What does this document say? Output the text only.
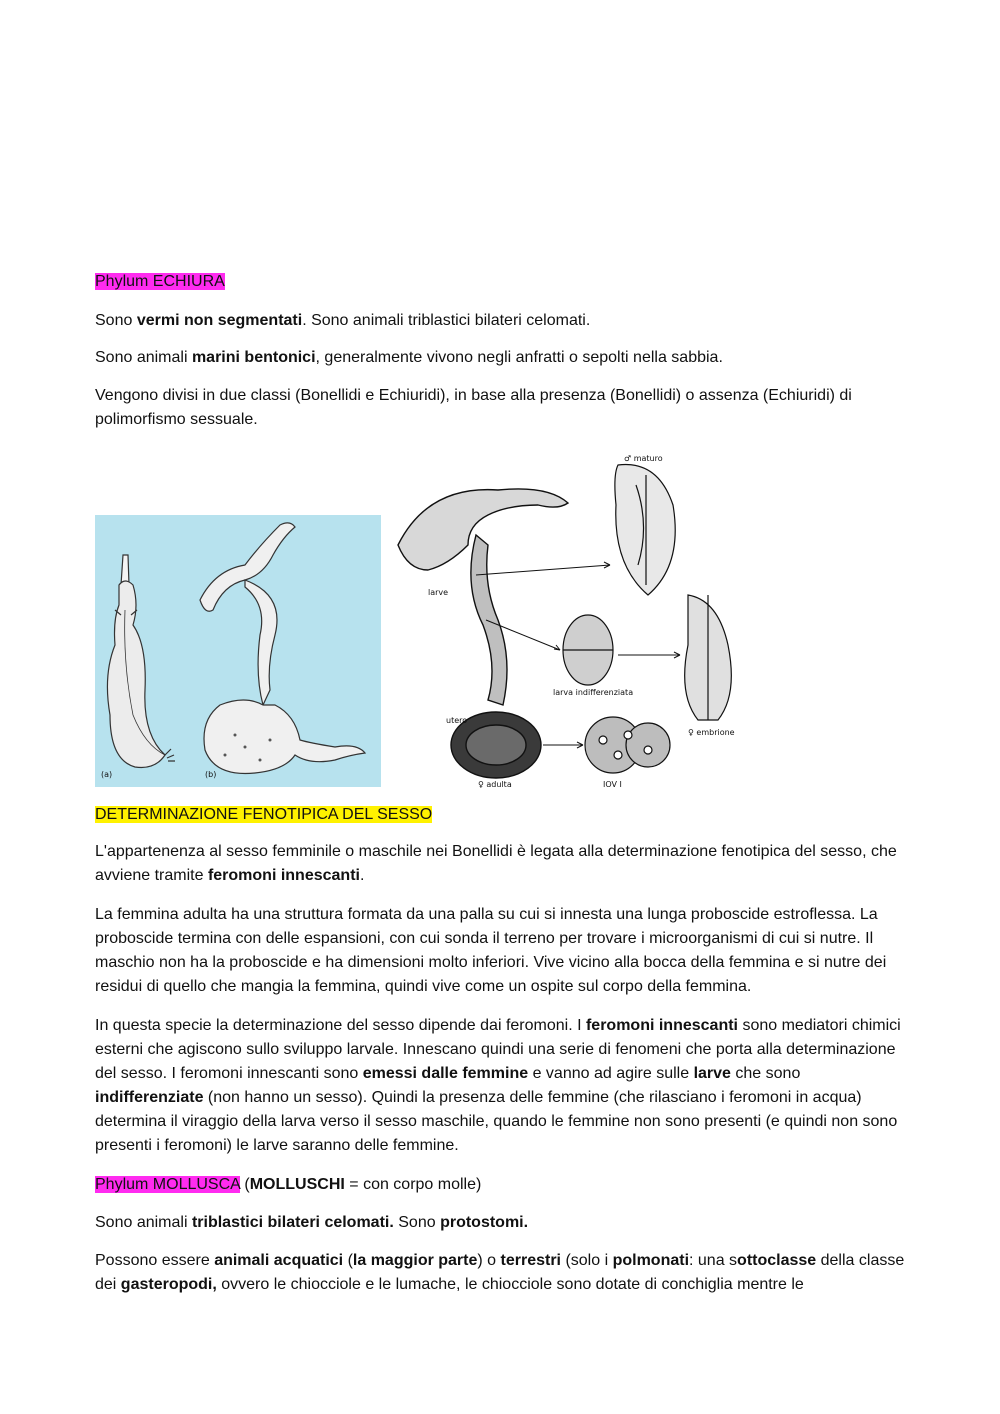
Phylum ECHIURA

Sono vermi non segmentati. Sono animali triblastici bilateri celomati.

Sono animali marini bentonici, generalmente vivono negli anfratti o sepolti nella sabbia.

Vengono divisi in due classi (Bonellidi e Echiuridi), in base alla presenza (Bonellidi) o assenza (Echiuridi) di polimorfismo sessuale.

DETERMINAZIONE FENOTIPICA DEL SESSO

L'appartenenza al sesso femminile o maschile nei Bonellidi è legata alla determinazione fenotipica del sesso, che avviene tramite feromoni innescanti.

La femmina adulta ha una struttura formata da una palla su cui si innesta una lunga proboscide estroflessa. La proboscide termina con delle espansioni, con cui sonda il terreno per trovare i microorganismi di cui si nutre. Il maschio non ha la proboscide e ha dimensioni molto inferiori. Vive vicino alla bocca della femmina e si nutre dei residui di quello che mangia la femmina, quindi vive come un ospite sul corpo della femmina.

In questa specie la determinazione del sesso dipende dai feromoni. I feromoni innescanti sono mediatori chimici esterni che agiscono sullo sviluppo larvale. Innescano quindi una serie di fenomeni che porta alla determinazione del sesso. I feromoni innescanti sono emessi dalle femmine e vanno ad agire sulle larve che sono indifferenziate (non hanno un sesso). Quindi la presenza delle femmine (che rilasciano i feromoni in acqua) determina il viraggio della larva verso il sesso maschile, quando le femmine non sono presenti (e quindi non sono presenti i feromoni) le larve saranno delle femmine.

Phylum MOLLUSCA (MOLLUSCHI = con corpo molle)

Sono animali triblastici bilateri celomati. Sono protostomi.

Possono essere animali acquatici (la maggior parte) o terrestri (solo i polmonati: una sottoclasse della classe dei gasteropodi, ovvero le chiocciole e le lumache, le chiocciole sono dotate di conchiglia mentre le

(a)	(b)
larve
utero
♀ adulta
♂ maturo
larva indifferenziata
♀ embrione
IOV I
